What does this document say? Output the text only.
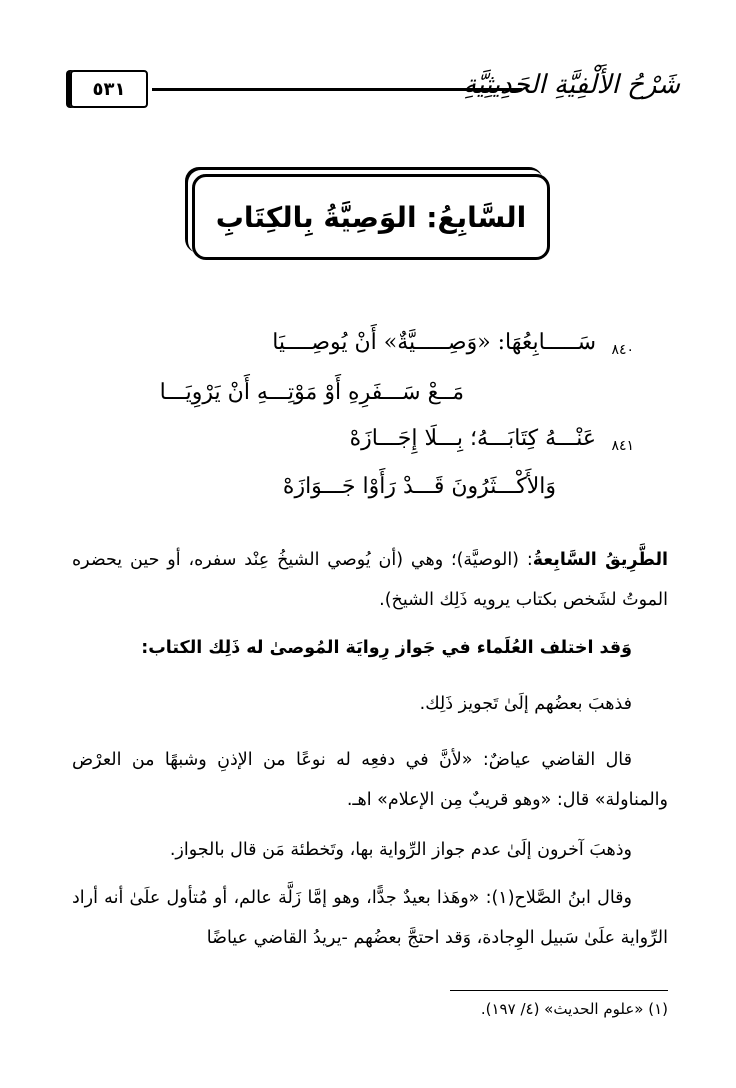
٥٣١	شَرْحُ الأَلْفِيَّةِ الحَدِيثِيَّةِ
السَّابِعُ: الوَصِيَّةُ بِالكِتَابِ
٨٤٠
سَـــــابِعُهَا: «وَصِـــــيَّةٌ» أَنْ يُوصِــــيَا
مَــعْ سَـــفَرِهِ أَوْ مَوْتِـــهِ أَنْ يَرْوِيَـــا
٨٤١
عَنْـــهُ كِتَابَـــهُ؛ بِـــلَا إِجَـــازَهْ
وَالأَكْـــثَرُونَ قَـــدْ رَأَوْا جَـــوَازَهْ
الطَّرِيقُ السَّابِعةُ: (الوصيَّة)؛ وهي (أن يُوصي الشيخُ عِنْد سفره، أو حين يحضره الموتُ لشَخص بكتاب يرويه ذَلِك الشيخ).
وَقد اختلف العُلَماء في جَواز رِوايَة المُوصىٰ له ذَلِك الكتاب:
فذهبَ بعضُهم إلَىٰ تَجويز ذَلِك.
قال القاضي عياضٌ: «لأنَّ في دفعِه له نوعًا من الإذنِ وشبهًا من العرْض والمناولة» قال: «وهو قريبٌ مِن الإعلام» اهـ.
وذهبَ آخرون إلَىٰ عدم جواز الرِّواية بها، وتَخطئة مَن قال بالجواز.
وقال ابنُ الصَّلاح(١): «وهَذا بعيدٌ جدًّا، وهو إمَّا زَلَّة عالم، أو مُتأول علَىٰ أنه أراد الرِّواية علَىٰ سَبيل الوِجادة، وَقد احتجَّ بعضُهم -يريدُ القاضي عياضًا
(١) «علوم الحديث» (٤/ ١٩٧).
